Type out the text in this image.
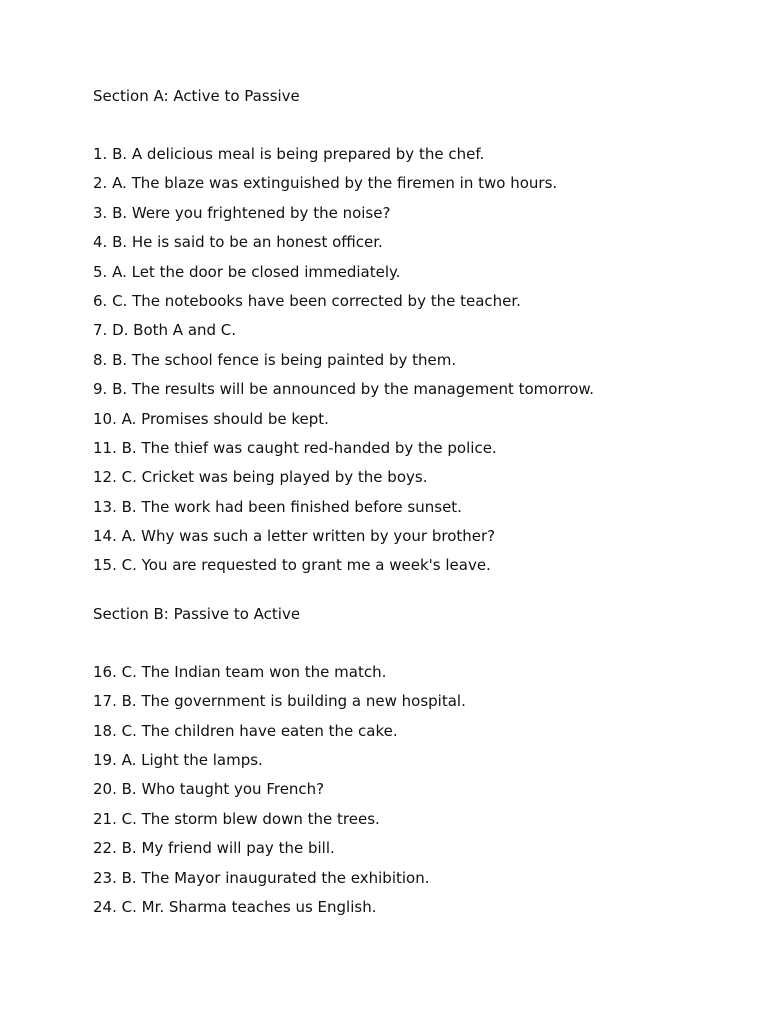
Section A: Active to Passive
1. B. A delicious meal is being prepared by the chef.
2. A. The blaze was extinguished by the firemen in two hours.
3. B. Were you frightened by the noise?
4. B. He is said to be an honest officer.
5. A. Let the door be closed immediately.
6. C. The notebooks have been corrected by the teacher.
7. D. Both A and C.
8. B. The school fence is being painted by them.
9. B. The results will be announced by the management tomorrow.
10. A. Promises should be kept.
11. B. The thief was caught red-handed by the police.
12. C. Cricket was being played by the boys.
13. B. The work had been finished before sunset.
14. A. Why was such a letter written by your brother?
15. C. You are requested to grant me a week's leave.
Section B: Passive to Active
16. C. The Indian team won the match.
17. B. The government is building a new hospital.
18. C. The children have eaten the cake.
19. A. Light the lamps.
20. B. Who taught you French?
21. C. The storm blew down the trees.
22. B. My friend will pay the bill.
23. B. The Mayor inaugurated the exhibition.
24. C. Mr. Sharma teaches us English.
